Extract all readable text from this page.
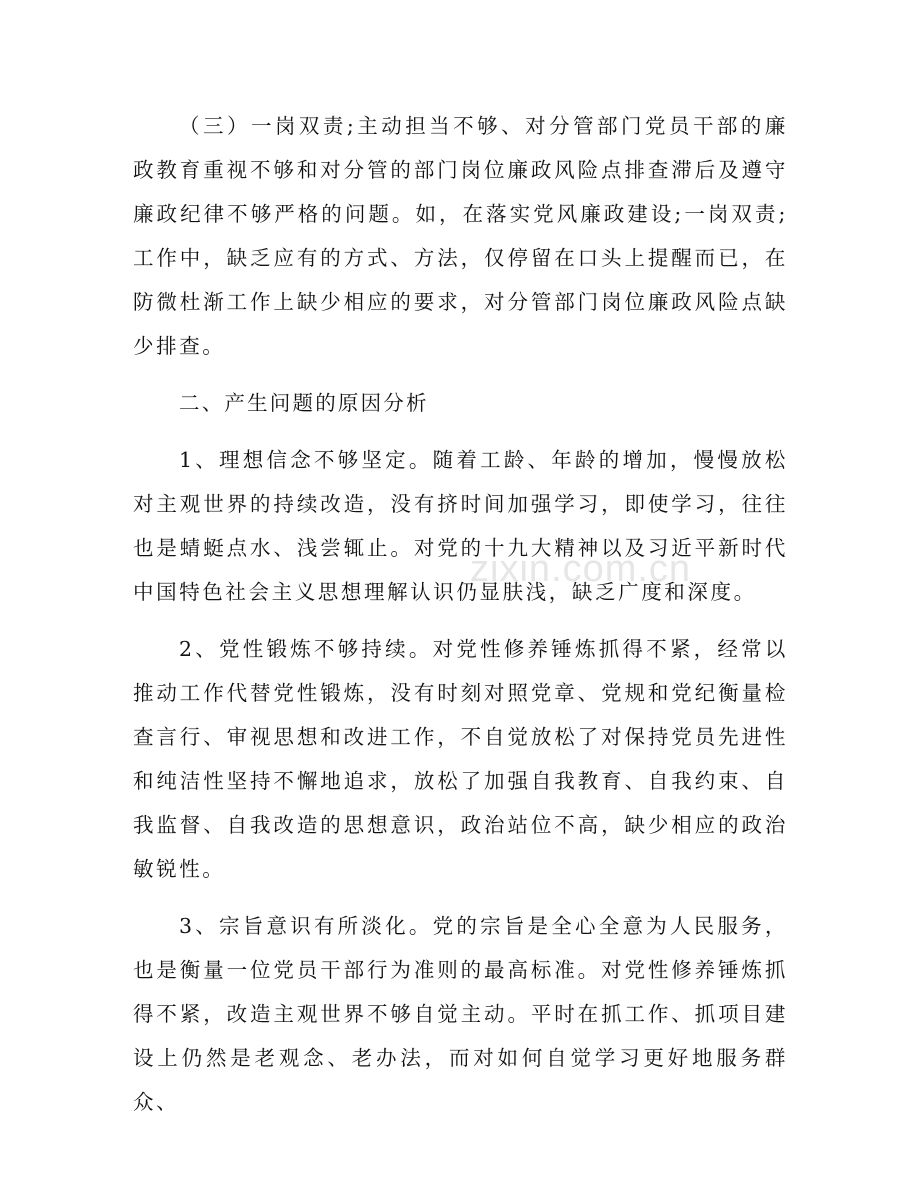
zixin.com.cn

（三）一岗双责;主动担当不够、对分管部门党员干部的廉政教育重视不够和对分管的部门岗位廉政风险点排查滞后及遵守廉政纪律不够严格的问题。如，在落实党风廉政建设;一岗双责;工作中，缺乏应有的方式、方法，仅停留在口头上提醒而已，在防微杜渐工作上缺少相应的要求，对分管部门岗位廉政风险点缺少排查。

二、产生问题的原因分析

1、理想信念不够坚定。随着工龄、年龄的增加，慢慢放松对主观世界的持续改造，没有挤时间加强学习，即使学习，往往也是蜻蜓点水、浅尝辄止。对党的十九大精神以及习近平新时代中国特色社会主义思想理解认识仍显肤浅，缺乏广度和深度。

2、党性锻炼不够持续。对党性修养锤炼抓得不紧，经常以推动工作代替党性锻炼，没有时刻对照党章、党规和党纪衡量检查言行、审视思想和改进工作，不自觉放松了对保持党员先进性和纯洁性坚持不懈地追求，放松了加强自我教育、自我约束、自我监督、自我改造的思想意识，政治站位不高，缺少相应的政治敏锐性。

3、宗旨意识有所淡化。党的宗旨是全心全意为人民服务，也是衡量一位党员干部行为准则的最高标准。对党性修养锤炼抓得不紧，改造主观世界不够自觉主动。平时在抓工作、抓项目建设上仍然是老观念、老办法，而对如何自觉学习更好地服务群众、
